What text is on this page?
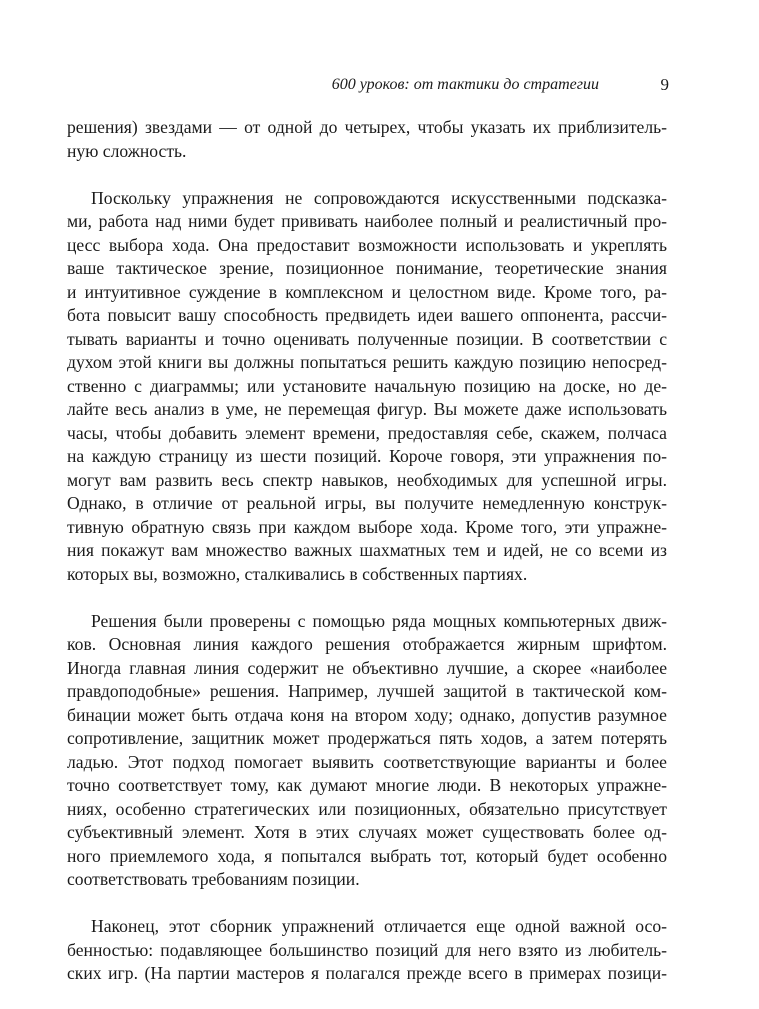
600 уроков: от тактики до стратегии	9
решения) звездами — от одной до четырех, чтобы указать их приблизитель-
ную сложность.
Поскольку упражнения не сопровождаются искусственными подсказка-
ми, работа над ними будет прививать наиболее полный и реалистичный про-
цесс выбора хода. Она предоставит возможности использовать и укреплять
ваше тактическое зрение, позиционное понимание, теоретические знания
и интуитивное суждение в комплексном и целостном виде. Кроме того, ра-
бота повысит вашу способность предвидеть идеи вашего оппонента, рассчи-
тывать варианты и точно оценивать полученные позиции. В соответствии с
духом этой книги вы должны попытаться решить каждую позицию непосред-
ственно с диаграммы; или установите начальную позицию на доске, но де-
лайте весь анализ в уме, не перемещая фигур. Вы можете даже использовать
часы, чтобы добавить элемент времени, предоставляя себе, скажем, полчаса
на каждую страницу из шести позиций. Короче говоря, эти упражнения по-
могут вам развить весь спектр навыков, необходимых для успешной игры.
Однако, в отличие от реальной игры, вы получите немедленную конструк-
тивную обратную связь при каждом выборе хода. Кроме того, эти упражне-
ния покажут вам множество важных шахматных тем и идей, не со всеми из
которых вы, возможно, сталкивались в собственных партиях.
Решения были проверены с помощью ряда мощных компьютерных движ-
ков. Основная линия каждого решения отображается жирным шрифтом.
Иногда главная линия содержит не объективно лучшие, а скорее «наиболее
правдоподобные» решения. Например, лучшей защитой в тактической ком-
бинации может быть отдача коня на втором ходу; однако, допустив разумное
сопротивление, защитник может продержаться пять ходов, а затем потерять
ладью. Этот подход помогает выявить соответствующие варианты и более
точно соответствует тому, как думают многие люди. В некоторых упражне-
ниях, особенно стратегических или позиционных, обязательно присутствует
субъективный элемент. Хотя в этих случаях может существовать более од-
ного приемлемого хода, я попытался выбрать тот, который будет особенно
соответствовать требованиям позиции.
Наконец, этот сборник упражнений отличается еще одной важной осо-
бенностью: подавляющее большинство позиций для него взято из любитель-
ских игр. (На партии мастеров я полагался прежде всего в примерах позици-
